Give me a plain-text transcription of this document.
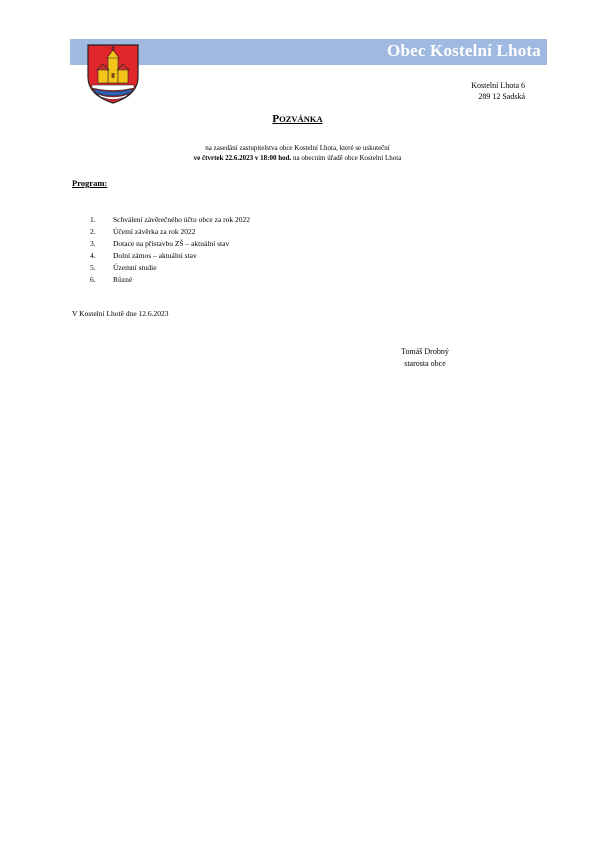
Obec Kostelní Lhota
Kostelní Lhota 6
289 12 Sadská
POZVÁNKA
na zasedání zastupitelstva obce Kostelní Lhota, které se uskuteční
ve čtvrtek 22.6.2023 v 18:00 hod. na obecním úřadě obce Kostelní Lhota
Program:
1.	Schválení závěrečného účtu obce za rok 2022
2.	Účetní závěrka za rok 2022
3.	Dotace na přístavbu ZŠ – aktuální stav
4.	Dolní zámos – aktuální stav
5.	Územní studie
6.	Různé
V Kostelní Lhotě dne 12.6.2023
Tomáš Drobný
starosta obce
